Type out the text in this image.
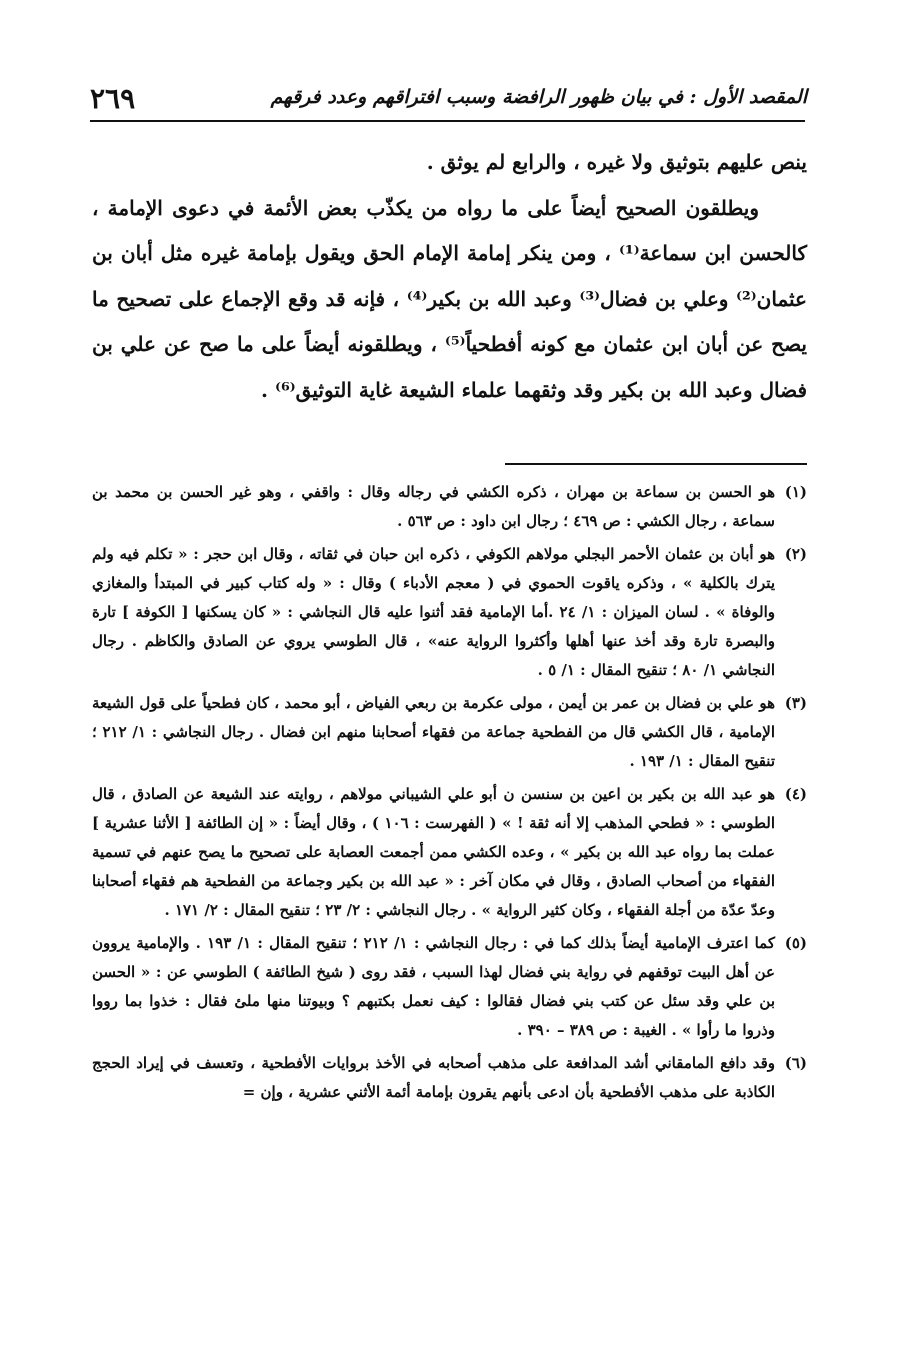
المقصد الأول : في بيان ظهور الرافضة وسبب افتراقهم وعدد فرقهم
٢٦٩

ينص عليهم بتوثيق ولا غيره ، والرابع لم يوثق .

ويطلقون الصحيح أيضاً على ما رواه من يكذّب بعض الأئمة في دعوى الإمامة ، كالحسن ابن سماعة⁽¹⁾ ، ومن ينكر إمامة الإمام الحق ويقول بإمامة غيره مثل أبان بن عثمان⁽²⁾ وعلي بن فضال⁽³⁾ وعبد الله بن بكير⁽⁴⁾ ، فإنه قد وقع الإجماع على تصحيح ما يصح عن أبان ابن عثمان مع كونه أفطحياً⁽⁵⁾ ، ويطلقونه أيضاً على ما صح عن علي بن فضال وعبد الله بن بكير وقد وثقهما علماء الشيعة غاية التوثيق⁽⁶⁾ .

(١)
هو الحسن بن سماعة بن مهران ، ذكره الكشي في رجاله وقال : واقفي ، وهو غير الحسن بن محمد بن سماعة ، رجال الكشي : ص ٤٦٩ ؛ رجال ابن داود : ص ٥٦٣ .
(٢)
هو أبان بن عثمان الأحمر البجلي مولاهم الكوفي ، ذكره ابن حبان في ثقاته ، وقال ابن حجر : « تكلم فيه ولم يترك بالكلية » ، وذكره ياقوت الحموي في ( معجم الأدباء ) وقال : « وله كتاب كبير في المبتدأ والمغازي والوفاة » . لسان الميزان : ١/ ٢٤ .أما الإمامية فقد أثنوا عليه قال النجاشي : « كان يسكنها [ الكوفة ] تارة والبصرة تارة وقد أخذ عنها أهلها وأكثروا الرواية عنه» ، قال الطوسي يروي عن الصادق والكاظم . رجال النجاشي ١/ ٨٠ ؛ تنقيح المقال : ١/ ٥ .
(٣)
هو علي بن فضال بن عمر بن أيمن ، مولى عكرمة بن ربعي الفياض ، أبو محمد ، كان فطحياً على قول الشيعة الإمامية ، قال الكشي قال من الفطحية جماعة من فقهاء أصحابنا منهم ابن فضال . رجال النجاشي : ١/ ٢١٢ ؛ تنقيح المقال : ١/ ١٩٣ .
(٤)
هو عبد الله بن بكير بن اعين بن سنسن ن أبو علي الشيباني مولاهم ، روايته عند الشيعة عن الصادق ، قال الطوسي : « فطحي المذهب إلا أنه ثقة ! » ( الفهرست : ١٠٦ ) ، وقال أيضاً : « إن الطائفة [ الأثنا عشرية ] عملت بما رواه عبد الله بن بكير » ، وعده الكشي ممن أجمعت العصابة على تصحيح ما يصح عنهم في تسمية الفقهاء من أصحاب الصادق ، وقال في مكان آخر : « عبد الله بن بكير وجماعة من الفطحية هم فقهاء أصحابنا وعدّ عدّة من أجلة الفقهاء ، وكان كثير الرواية » . رجال النجاشي : ٢/ ٢٣ ؛ تنقيح المقال : ٢/ ١٧١ .
(٥)
كما اعترف الإمامية أيضاً بذلك كما في : رجال النجاشي : ١/ ٢١٢ ؛ تنقيح المقال : ١/ ١٩٣ . والإمامية يروون عن أهل البيت توقفهم في رواية بني فضال لهذا السبب ، فقد روى ( شيخ الطائفة ) الطوسي عن : « الحسن بن علي وقد سئل عن كتب بني فضال فقالوا : كيف نعمل بكتبهم ؟ وبيوتنا منها ملئ فقال : خذوا بما رووا وذروا ما رأوا » . الغيبة : ص ٣٨٩ – ٣٩٠ .
(٦)
وقد دافع المامقاني أشد المدافعة على مذهب أصحابه في الأخذ بروايات الأفطحية ، وتعسف في إيراد الحجج الكاذبة على مذهب الأفطحية بأن ادعى بأنهم يقرون بإمامة أئمة الأثني عشرية ، وإن =
